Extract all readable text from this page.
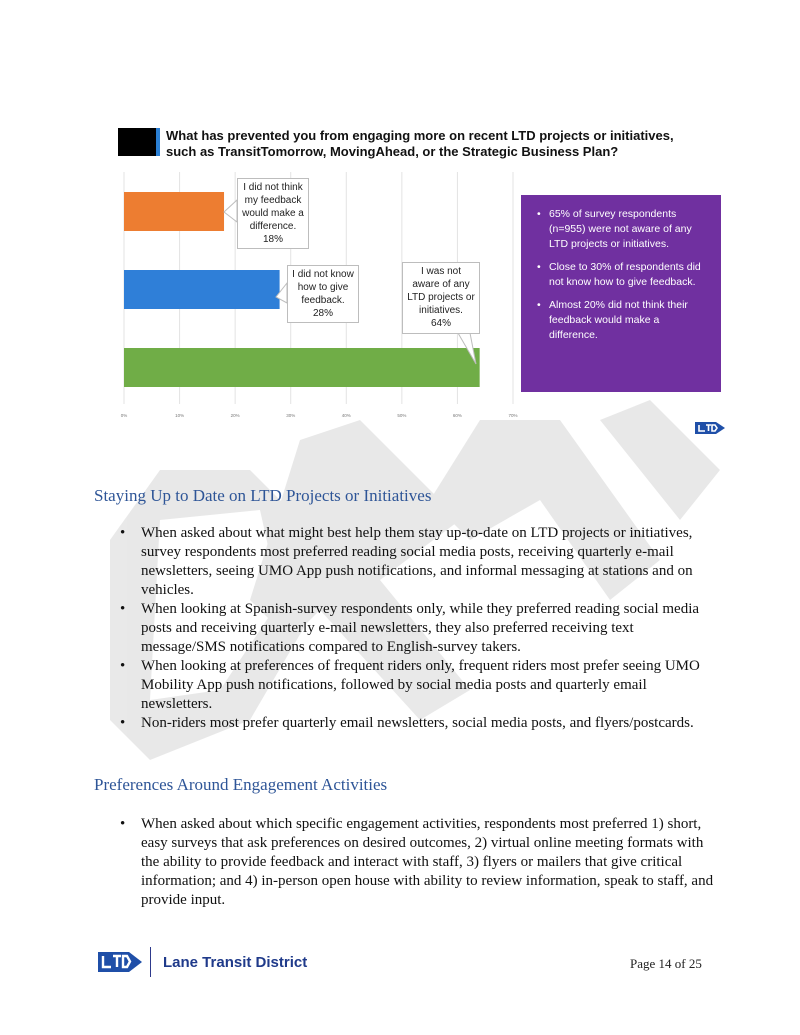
What has prevented you from engaging more on recent LTD projects or initiatives, such as TransitTomorrow, MovingAhead, or the Strategic Business Plan?
0%	10%	20%	30%	40%	50%	60%	70%
I did not think my feedback would make a difference.
18%
I did not know how to give feedback.
28%
I was not aware of any LTD projects or initiatives.
64%
• 65% of survey respondents (n=955) were not aware of any LTD projects or initiatives.
• Close to 30% of respondents did not know how to give feedback.
• Almost 20% did not think their feedback would make a difference.
Staying Up to Date on LTD Projects or Initiatives
• When asked about what might best help them stay up-to-date on LTD projects or initiatives, survey respondents most preferred reading social media posts, receiving quarterly e-mail newsletters, seeing UMO App push notifications, and informal messaging at stations and on vehicles.
• When looking at Spanish-survey respondents only, while they preferred reading social media posts and receiving quarterly e-mail newsletters, they also preferred receiving text message/SMS notifications compared to English-survey takers.
• When looking at preferences of frequent riders only, frequent riders most prefer seeing UMO Mobility App push notifications, followed by social media posts and quarterly email newsletters.
• Non-riders most prefer quarterly email newsletters, social media posts, and flyers/postcards.
Preferences Around Engagement Activities
• When asked about which specific engagement activities, respondents most preferred 1) short, easy surveys that ask preferences on desired outcomes, 2) virtual online meeting formats with the ability to provide feedback and interact with staff, 3) flyers or mailers that give critical information; and 4) in-person open house with ability to review information, speak to staff, and provide input.
Lane Transit District	Page 14 of 25
